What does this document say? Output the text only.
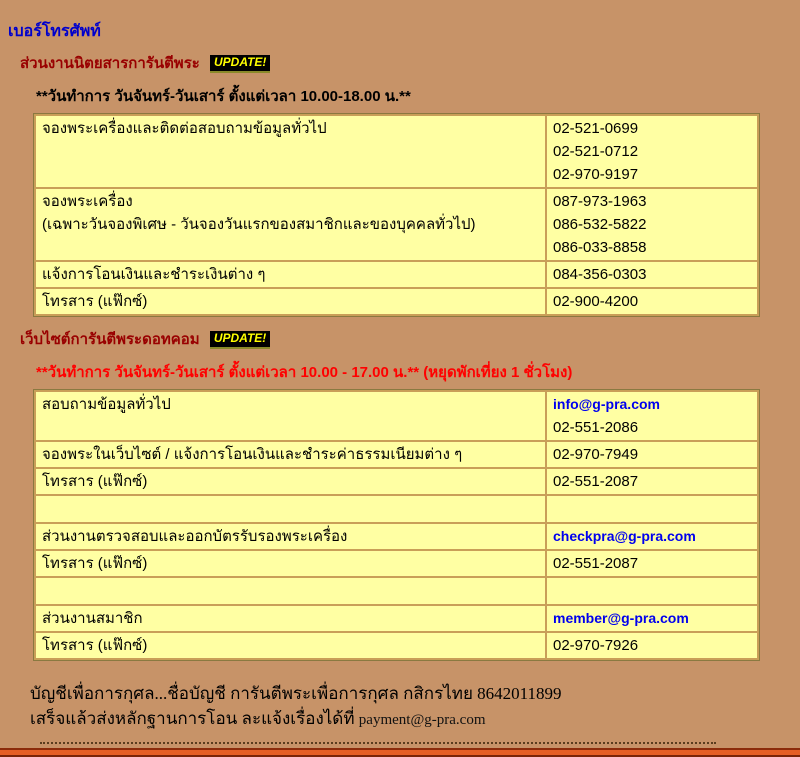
เบอร์โทรศัพท์
ส่วนงานนิตยสารการันตีพระ UPDATE!
**วันทำการ วันจันทร์-วันเสาร์ ตั้งแต่เวลา 10.00-18.00 น.**
จองพระเครื่องและติดต่อสอบถามข้อมูลทั่วไป	02-521-0699
02-521-0712
02-970-9197

จองพระเครื่อง
(เฉพาะวันจองพิเศษ - วันจองวันแรกของสมาชิกและของบุคคลทั่วไป)	087-973-1963
086-532-5822
086-033-8858

แจ้งการโอนเงินและชำระเงินต่าง ๆ	084-356-0303

โทรสาร (แฟ๊กซ์)	02-900-4200
เว็บไซต์การันตีพระดอทคอม UPDATE!
**วันทำการ วันจันทร์-วันเสาร์ ตั้งแต่เวลา 10.00 - 17.00 น.** (หยุดพักเที่ยง 1 ชั่วโมง)
สอบถามข้อมูลทั่วไป	info@g-pra.com
02-551-2086

จองพระในเว็บไซต์ / แจ้งการโอนเงินและชำระค่าธรรมเนียมต่าง ๆ	02-970-7949

โทรสาร (แฟ๊กซ์)	02-551-2087

ส่วนงานตรวจสอบและออกบัตรรับรองพระเครื่อง	checkpra@g-pra.com

โทรสาร (แฟ๊กซ์)	02-551-2087

ส่วนงานสมาชิก	member@g-pra.com

โทรสาร (แฟ๊กซ์)	02-970-7926
บัญชีเพื่อการกุศล...ชื่อบัญชี การันตีพระเพื่อการกุศล กสิกรไทย 8642011899
เสร็จแล้วส่งหลักฐานการโอน ละแจ้งเรื่องได้ที่ payment@g-pra.com
